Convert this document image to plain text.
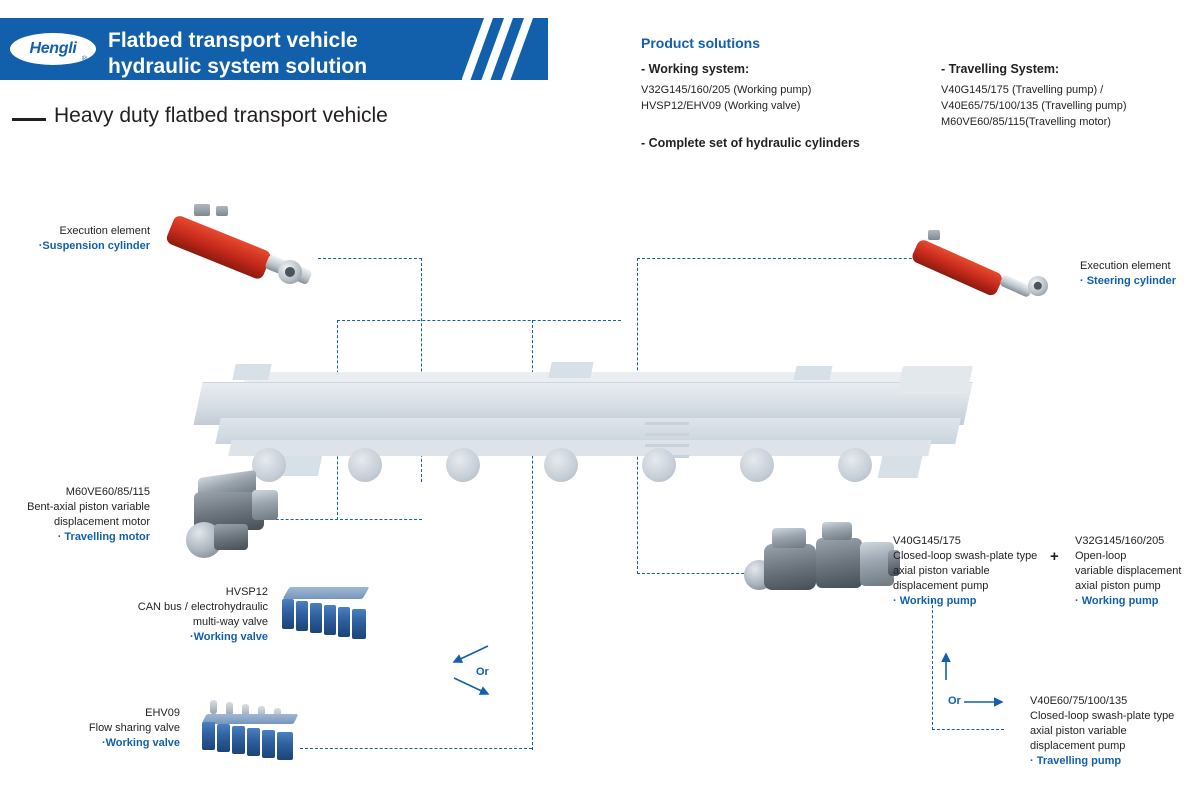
Hengli
®
Flatbed transport vehicle
hydraulic system solution
Heavy duty flatbed transport vehicle
Product solutions
- Working system:
V32G145/160/205 (Working pump)
HVSP12/EHV09 (Working valve)
- Travelling System:
V40G145/175 (Travelling pump) /
V40E65/75/100/135 (Travelling pump)
M60VE60/85/115(Travelling motor)
- Complete set of hydraulic cylinders
Execution element
·Suspension cylinder
Execution element
· Steering cylinder
M60VE60/85/115
Bent-axial piston variable
displacement motor
· Travelling motor
HVSP12
CAN bus / electrohydraulic
multi-way valve
·Working valve
EHV09
Flow sharing valve
·Working valve
V40G145/175
Closed-loop swash-plate type
axial piston variable
displacement pump
· Working pump
+
V32G145/160/205
Open-loop
variable displacement
axial piston pump
· Working pump
V40E60/75/100/135
Closed-loop swash-plate type
axial piston variable
displacement pump
· Travelling pump
Or
Or
